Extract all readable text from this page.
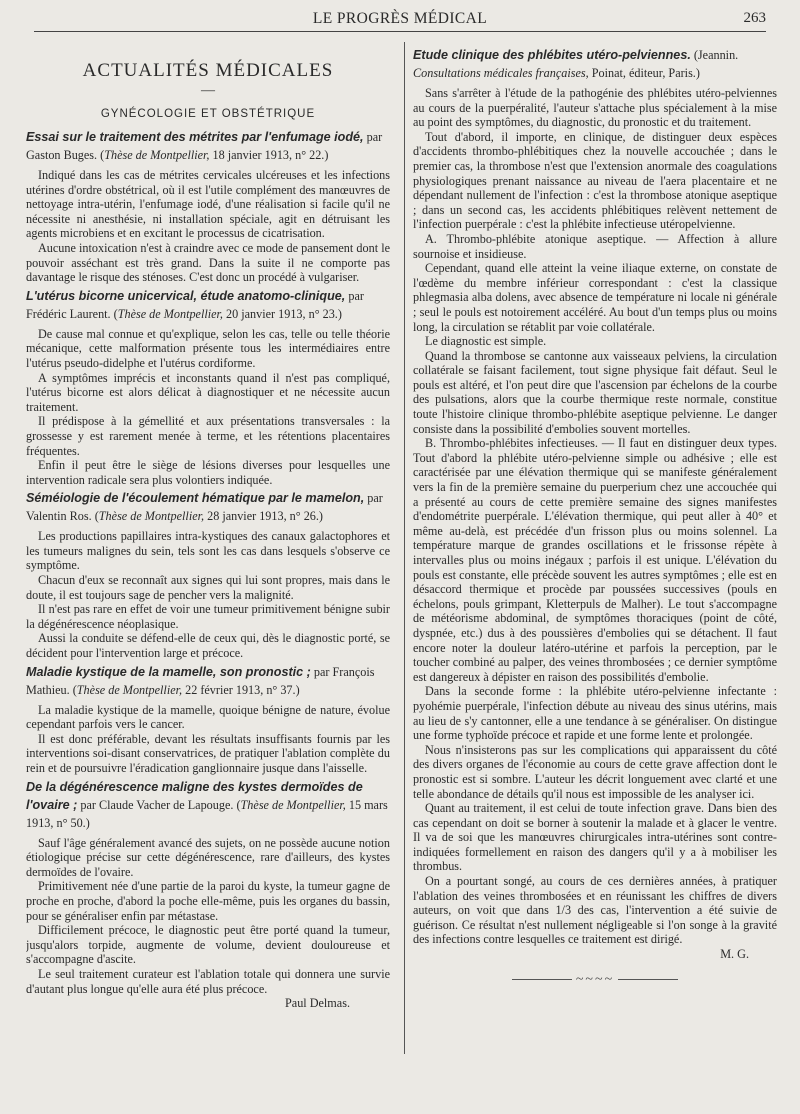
LE PROGRÈS MÉDICAL	263
ACTUALITÉS MÉDICALES
—
GYNÉCOLOGIE ET OBSTÉTRIQUE
Essai sur le traitement des métrites par l'enfumage iodé, par Gaston Buges. (Thèse de Montpellier, 18 janvier 1913, n° 22.)

Indiqué dans les cas de métrites cervicales ulcéreuses et les infections utérines d'ordre obstétrical, où il est l'utile complément des manœuvres de nettoyage intra-utérin, l'enfumage iodé, d'une réalisation si facile qu'il ne nécessite ni anesthésie, ni installation spéciale, agit en détruisant les agents microbiens et en excitant le processus de cicatrisation.

Aucune intoxication n'est à craindre avec ce mode de pansement dont le pouvoir asséchant est très grand. Dans la suite il ne comporte pas davantage le risque des sténoses. C'est donc un procédé à vulgariser.

L'utérus bicorne unicervical, étude anatomo-clinique, par Frédéric Laurent. (Thèse de Montpellier, 20 janvier 1913, n° 23.)

De cause mal connue et qu'explique, selon les cas, telle ou telle théorie mécanique, cette malformation présente tous les intermédiaires entre l'utérus pseudo-didelphe et l'utérus cordiforme.

A symptômes imprécis et inconstants quand il n'est pas compliqué, l'utérus bicorne est alors délicat à diagnostiquer et ne nécessite aucun traitement.

Il prédispose à la gémellité et aux présentations transversales : la grossesse y est rarement menée à terme, et les rétentions placentaires fréquentes.

Enfin il peut être le siège de lésions diverses pour lesquelles une intervention radicale sera plus volontiers indiquée.

Séméiologie de l'écoulement hématique par le mamelon, par Valentin Ros. (Thèse de Montpellier, 28 janvier 1913, n° 26.)

Les productions papillaires intra-kystiques des canaux galactophores et les tumeurs malignes du sein, tels sont les cas dans lesquels s'observe ce symptôme.

Chacun d'eux se reconnaît aux signes qui lui sont propres, mais dans le doute, il est toujours sage de pencher vers la malignité.

Il n'est pas rare en effet de voir une tumeur primitivement bénigne subir la dégénérescence néoplasique.

Aussi la conduite se défend-elle de ceux qui, dès le diagnostic porté, se décident pour l'intervention large et précoce.

Maladie kystique de la mamelle, son pronostic ; par François Mathieu. (Thèse de Montpellier, 22 février 1913, n° 37.)

La maladie kystique de la mamelle, quoique bénigne de nature, évolue cependant parfois vers le cancer.

Il est donc préférable, devant les résultats insuffisants fournis par les interventions soi-disant conservatrices, de pratiquer l'ablation complète du rein et de poursuivre l'éradication ganglionnaire jusque dans l'aisselle.

De la dégénérescence maligne des kystes dermoïdes de l'ovaire ; par Claude Vacher de Lapouge. (Thèse de Montpellier, 15 mars 1913, n° 50.)

Sauf l'âge généralement avancé des sujets, on ne possède aucune notion étiologique précise sur cette dégénérescence, rare d'ailleurs, des kystes dermoïdes de l'ovaire.

Primitivement née d'une partie de la paroi du kyste, la tumeur gagne de proche en proche, d'abord la poche elle-même, puis les organes du bassin, pour se généraliser enfin par métastase.

Difficilement précoce, le diagnostic peut être porté quand la tumeur, jusqu'alors torpide, augmente de volume, devient douloureuse et s'accompagne d'ascite.

Le seul traitement curateur est l'ablation totale qui donnera une survie d'autant plus longue qu'elle aura été plus précoce.

Paul Delmas.
Etude clinique des phlébites utéro-pelviennes. (Jeannin. Consultations médicales françaises, Poinat, éditeur, Paris.)

Sans s'arrêter à l'étude de la pathogénie des phlébites utéro-pelviennes au cours de la puerpéralité, l'auteur s'attache plus spécialement à la mise au point des symptômes, du diagnostic, du pronostic et du traitement.

Tout d'abord, il importe, en clinique, de distinguer deux espèces d'accidents thrombo-phlébitiques chez la nouvelle accouchée ; dans le premier cas, la thrombose n'est que l'extension anormale des coagulations physiologiques prenant naissance au niveau de l'aera placentaire et ne dépendant nullement de l'infection : c'est la thrombose atonique aseptique ; dans un second cas, les accidents phlébitiques relèvent nettement de l'infection puerpérale : c'est la phlébite infectieuse utéropelvienne.

A. Thrombo-phlébite atonique aseptique. — Affection à allure sournoise et insidieuse.

Cependant, quand elle atteint la veine iliaque externe, on constate de l'œdème du membre inférieur correspondant : c'est la classique phlegmasia alba dolens, avec absence de température ni locale ni générale ; seul le pouls est notoirement accéléré. Au bout d'un temps plus ou moins long, la circulation se rétablit par voie collatérale.

Le diagnostic est simple.

Quand la thrombose se cantonne aux vaisseaux pelviens, la circulation collatérale se faisant facilement, tout signe physique fait défaut. Seul le pouls est altéré, et l'on peut dire que l'ascension par échelons de la courbe des pulsations, alors que la courbe thermique reste normale, constitue toute l'histoire clinique thrombo-phlébite aseptique pelvienne. Le danger consiste dans la possibilité d'embolies souvent mortelles.

B. Thrombo-phlébites infectieuses. — Il faut en distinguer deux types. Tout d'abord la phlébite utéro-pelvienne simple ou adhésive ; elle est caractérisée par une élévation thermique qui se manifeste généralement vers la fin de la première semaine du puerperium chez une accouchée qui a présenté au cours de cette première semaine des signes manifestes d'endométrite puerpérale. L'élévation thermique, qui peut aller à 40° et même au-delà, est précédée d'un frisson plus ou moins solennel. La température marque de grandes oscillations et le frissonse répète à intervalles plus ou moins inégaux ; parfois il est unique. L'élévation du pouls est constante, elle précède souvent les autres symptômes ; elle est en désaccord thermique et procède par poussées successives (pouls en échelons, pouls grimpant, Kletterpuls de Malher). Le tout s'accompagne de météorisme abdominal, de symptômes thoraciques (point de côté, dyspnée, etc.) dus à des poussières d'embolies qui se détachent. Il faut encore noter la douleur latéro-utérine et parfois la perception, par le toucher combiné au palper, des veines thrombosées ; ce dernier symptôme est dangereux à dépister en raison des possibilités d'embolie.

Dans la seconde forme : la phlébite utéro-pelvienne infectante : pyohémie puerpérale, l'infection débute au niveau des sinus utérins, mais au lieu de s'y cantonner, elle a une tendance à se généraliser. On distingue une forme typhoïde précoce et rapide et une forme lente et prolongée.

Nous n'insisterons pas sur les complications qui apparaissent du côté des divers organes de l'économie au cours de cette grave affection dont le pronostic est si sombre. L'auteur les décrit longuement avec clarté et une telle abondance de détails qu'il nous est impossible de les analyser ici.

Quant au traitement, il est celui de toute infection grave. Dans bien des cas cependant on doit se borner à soutenir la malade et à glacer le ventre. Il va de soi que les manœuvres chirurgicales intra-utérines sont contre-indiquées formellement en raison des dangers qu'il y a à mobiliser les thrombus.

On a pourtant songé, au cours de ces dernières années, à pratiquer l'ablation des veines thrombosées et en réunissant les chiffres de divers auteurs, on voit que dans 1/3 des cas, l'intervention a été suivie de guérison. Ce résultat n'est nullement négligeable si l'on songe à la gravité des infections contre lesquelles ce traitement est dirigé.

M. G.
~~~~
